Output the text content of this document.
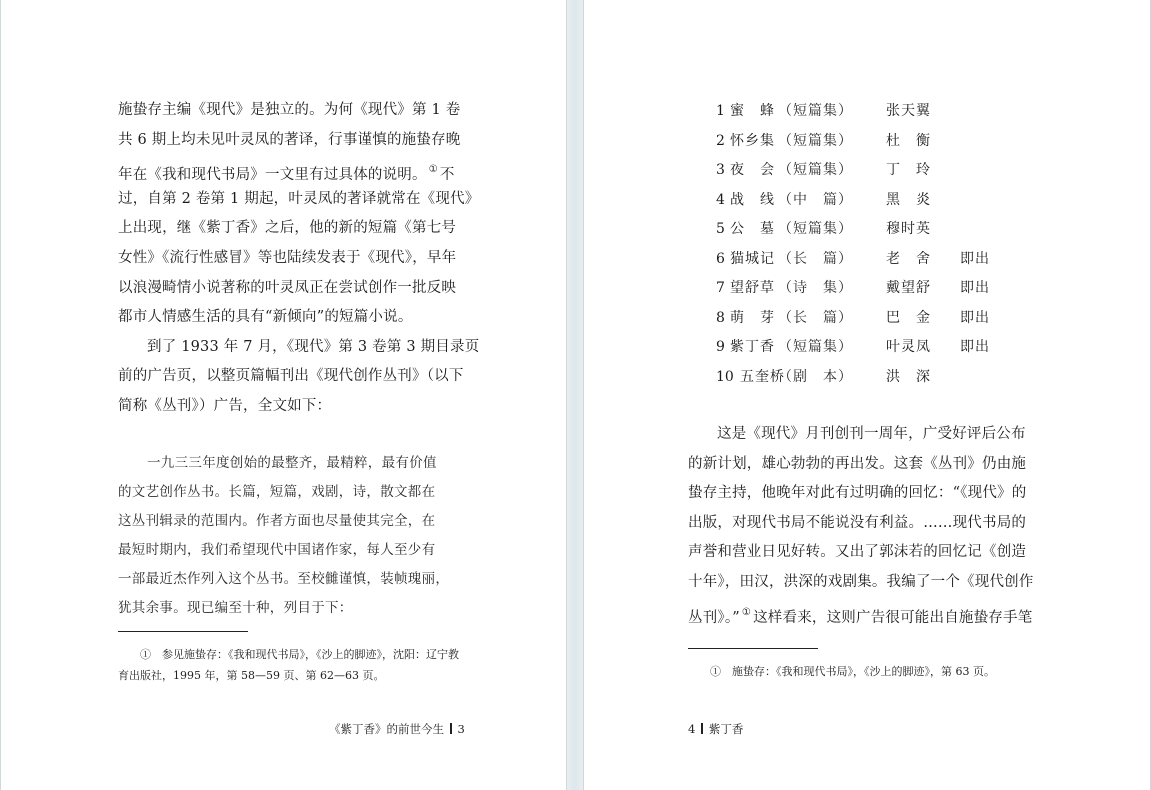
施蛰存主编《现代》是独立的。为何《现代》第 1 卷
共 6 期上均未见叶灵凤的著译，行事谨慎的施蛰存晚
年在《我和现代书局》一文里有过具体的说明。 ① 不
过，自第 2 卷第 1 期起，叶灵凤的著译就常在《现代》
上出现，继《紫丁香》之后，他的新的短篇《第七号
女性》《流行性感冒》等也陆续发表于《现代》，早年
以浪漫畸情小说著称的叶灵凤正在尝试创作一批反映
都市人情感生活的具有“新倾向”的短篇小说。
到了 1933 年 7 月，《现代》第 3 卷第 3 期目录页
前的广告页，以整页篇幅刊出《现代创作丛刊》（以下
简称《丛刊》）广告，全文如下：
一九三三年度创始的最整齐，最精粹，最有价值
的文艺创作丛书。长篇，短篇，戏剧，诗，散文都在
这丛刊辑录的范围内。作者方面也尽量使其完全，在
最短时期内，我们希望现代中国诸作家，每人至少有
一部最近杰作列入这个丛书。至校雠谨慎，装帧瑰丽，
犹其余事。现已编至十种，列目于下：
①　参见施蛰存：《我和现代书局》，《沙上的脚迹》，沈阳：辽宁教
育出版社，1995 年，第 58—59 页、第 62—63 页。
《紫丁香》的前世今生 3
1 蜜　蜂 （短篇集） 张天翼
2 怀乡集 （短篇集） 杜　衡
3 夜　会 （短篇集） 丁　玲
4 战　线 （中　篇） 黑　炎
5 公　墓 （短篇集） 穆时英
6 猫城记 （长　篇） 老　舍 即出
7 望舒草 （诗　集） 戴望舒 即出
8 萌　芽 （长　篇） 巴　金 即出
9 紫丁香 （短篇集） 叶灵凤 即出
10 五奎桥
（剧　本） 洪　深
这是《现代》月刊创刊一周年，广受好评后公布
的新计划，雄心勃勃的再出发。这套《丛刊》仍由施
蛰存主持，他晚年对此有过明确的回忆：“《现代》的
出版，对现代书局不能说没有利益。……现代书局的
声誉和营业日见好转。又出了郭沫若的回忆记《创造
十年》，田汉，洪深的戏剧集。我编了一个《现代创作
丛刊》。” ① 这样看来，这则广告很可能出自施蛰存手笔
①　施蛰存：《我和现代书局》，《沙上的脚迹》，第 63 页。
4 紫丁香
